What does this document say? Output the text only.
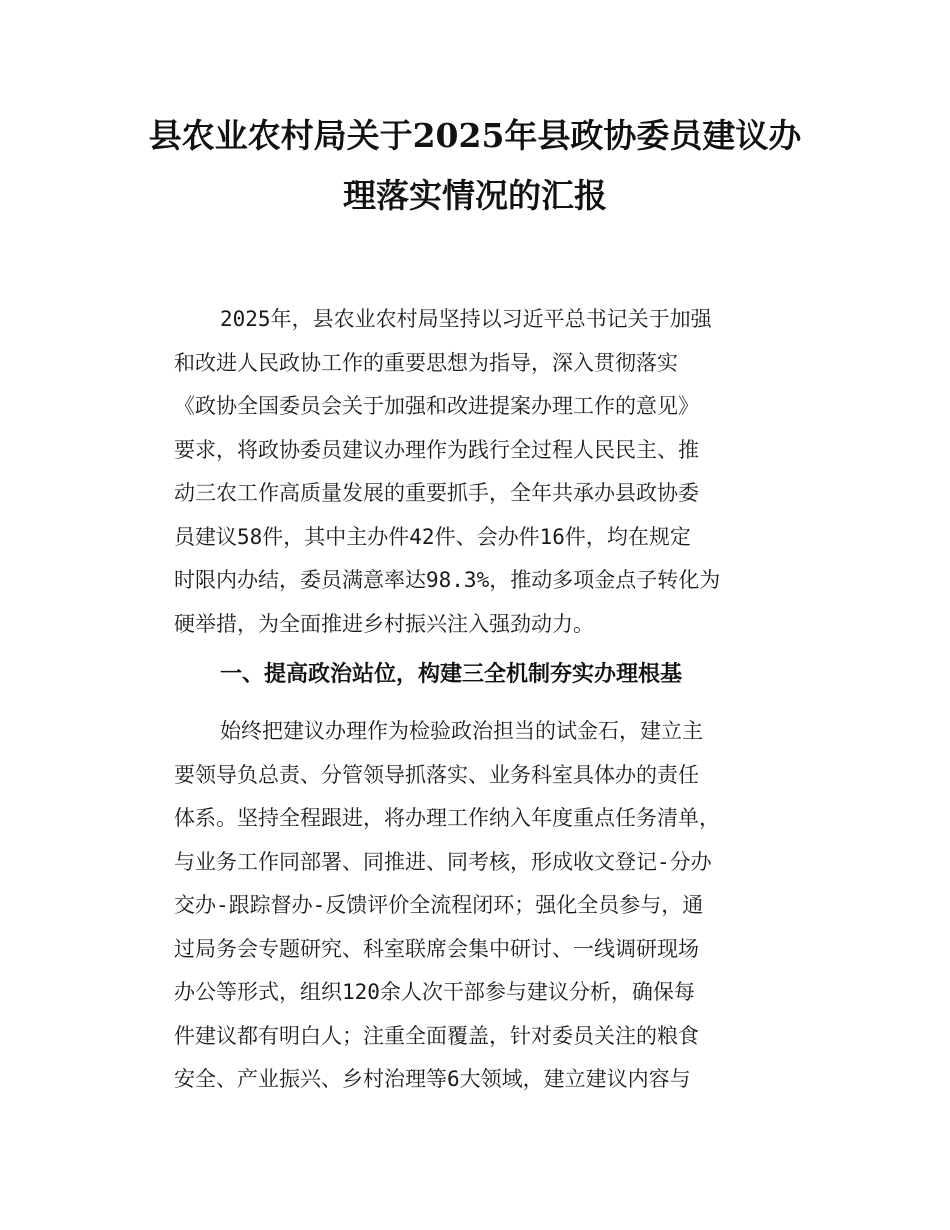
县农业农村局关于2025年县政协委员建议办
理落实情况的汇报
2025年，县农业农村局坚持以习近平总书记关于加强
和改进人民政协工作的重要思想为指导，深入贯彻落实
《政协全国委员会关于加强和改进提案办理工作的意见》
要求，将政协委员建议办理作为践行全过程人民民主、推
动三农工作高质量发展的重要抓手，全年共承办县政协委
员建议58件，其中主办件42件、会办件16件，均在规定
时限内办结，委员满意率达98.3%，推动多项金点子转化为
硬举措，为全面推进乡村振兴注入强劲动力。
一、提高政治站位，构建三全机制夯实办理根基
始终把建议办理作为检验政治担当的试金石，建立主
要领导负总责、分管领导抓落实、业务科室具体办的责任
体系。坚持全程跟进，将办理工作纳入年度重点任务清单，
与业务工作同部署、同推进、同考核，形成收文登记-分办
交办-跟踪督办-反馈评价全流程闭环；强化全员参与，通
过局务会专题研究、科室联席会集中研讨、一线调研现场
办公等形式，组织120余人次干部参与建议分析，确保每
件建议都有明白人；注重全面覆盖，针对委员关注的粮食
安全、产业振兴、乡村治理等6大领域，建立建议内容与
